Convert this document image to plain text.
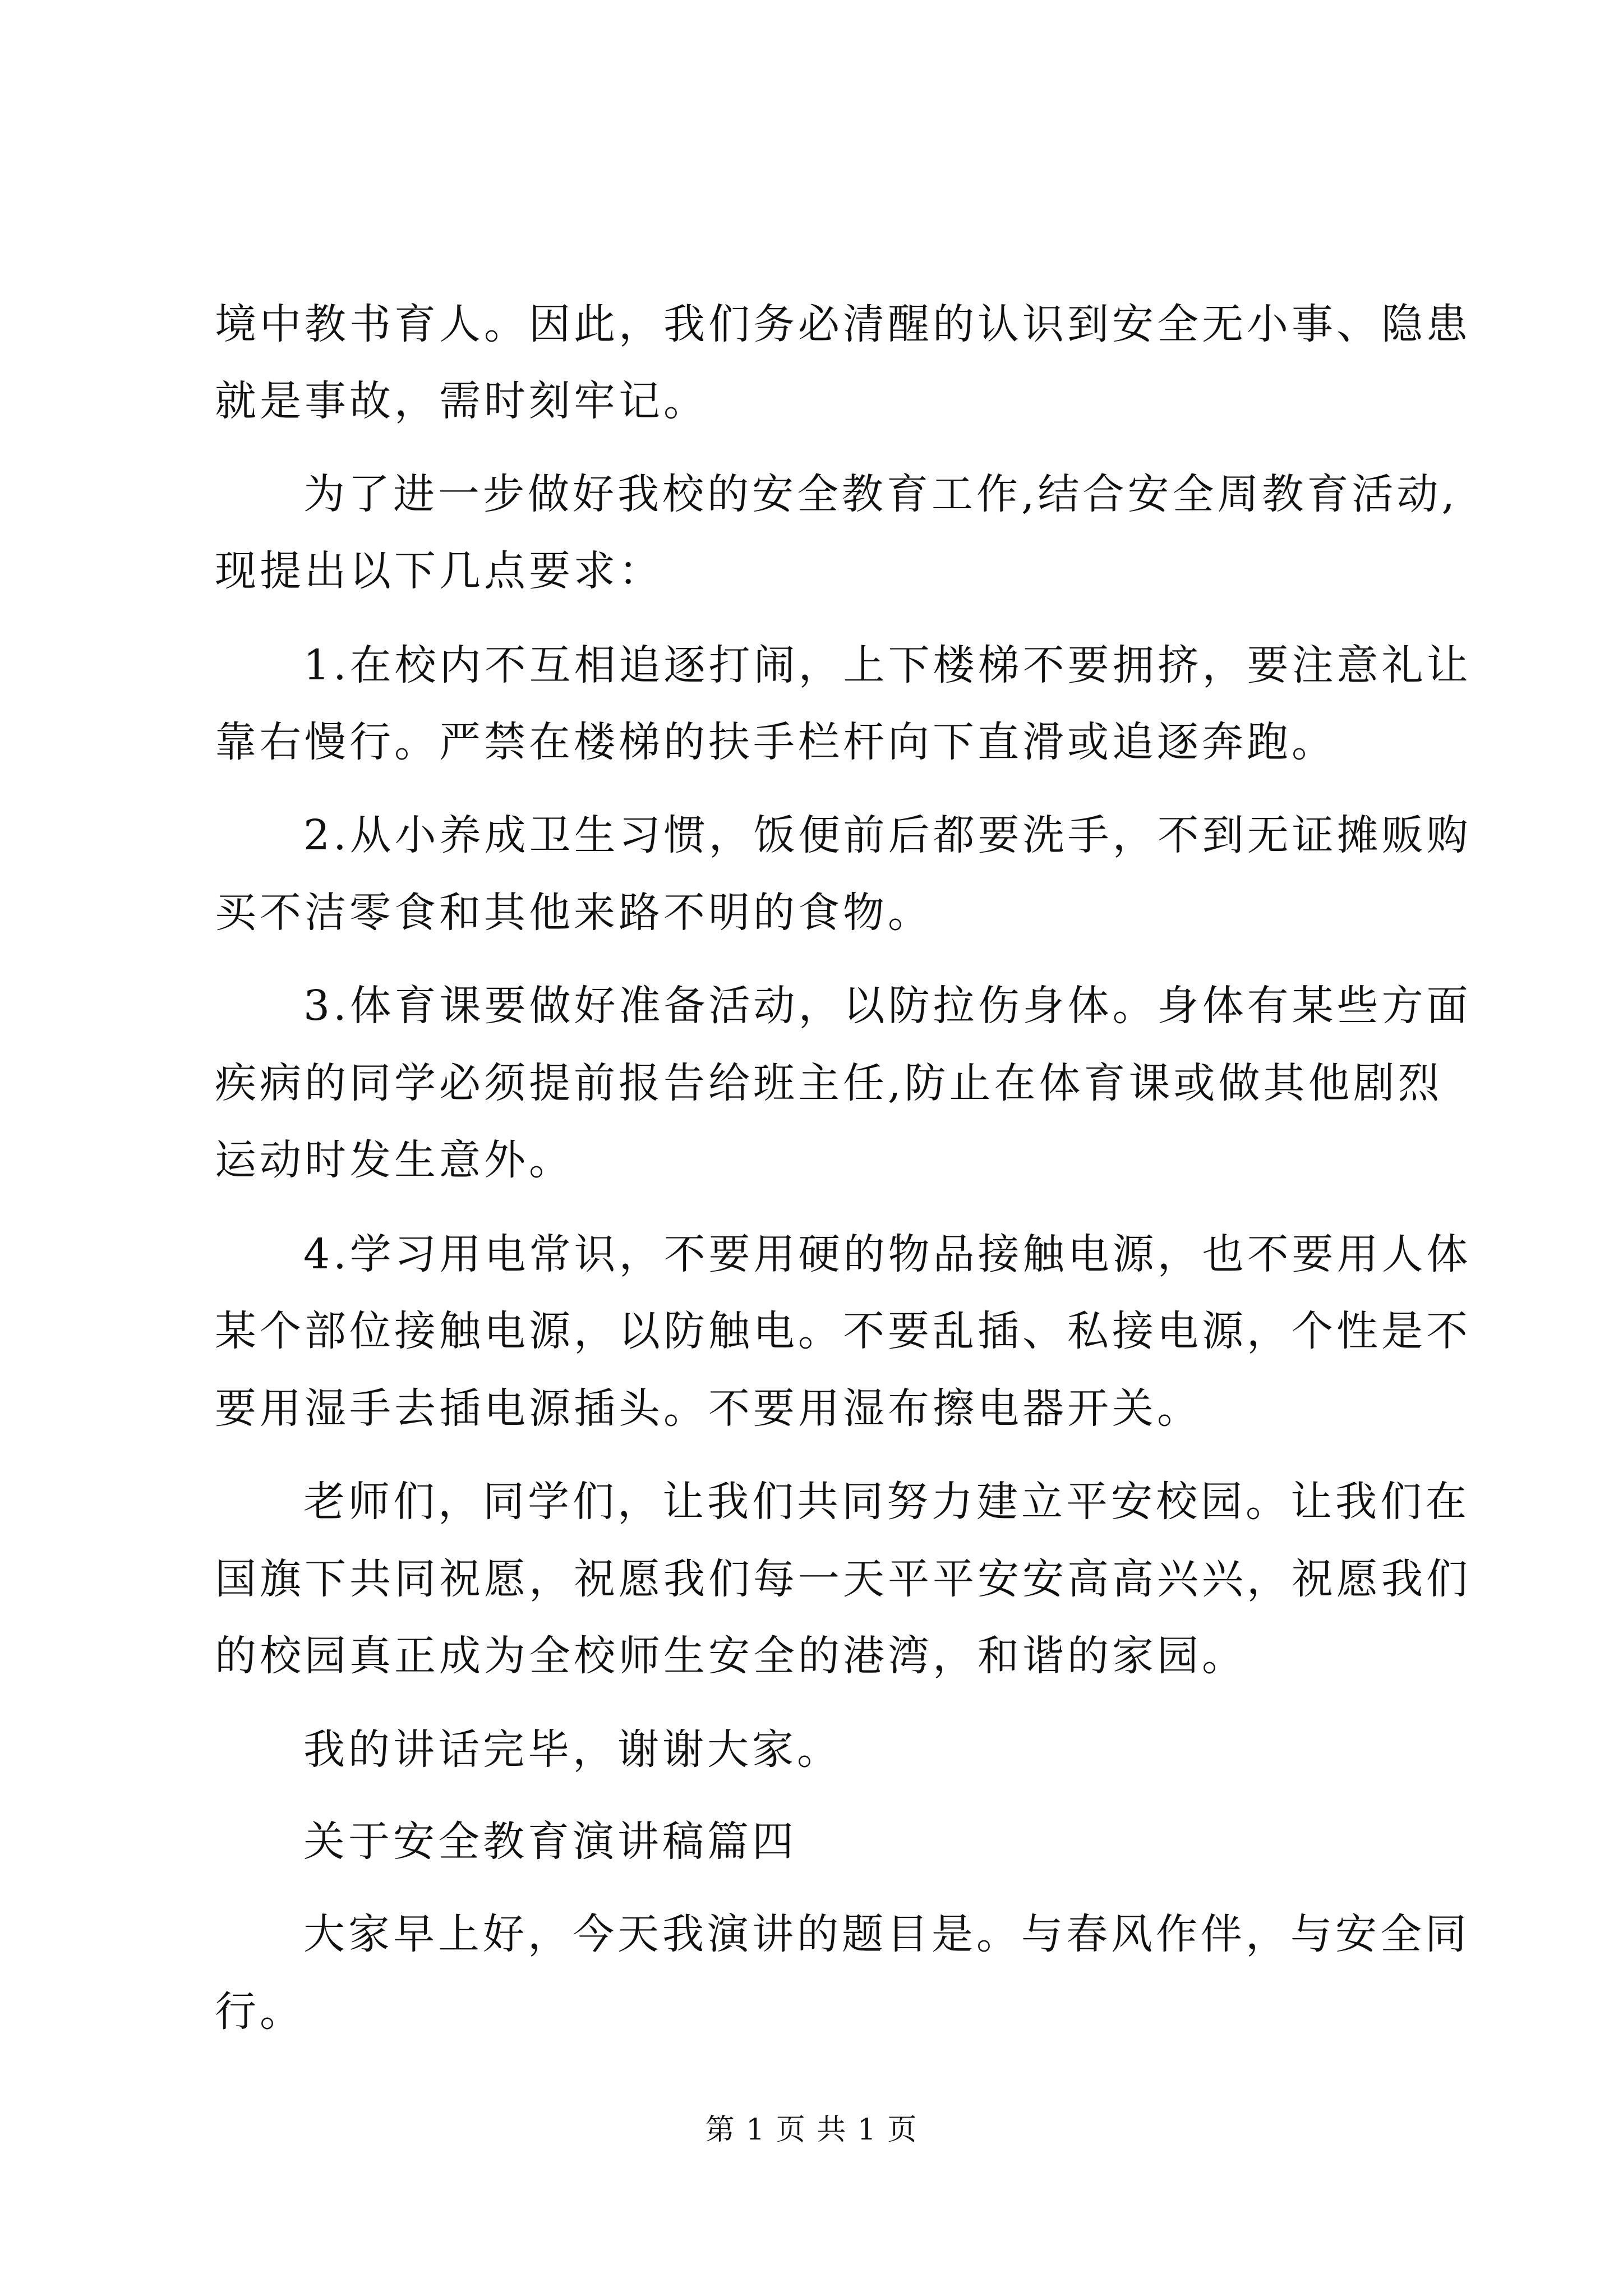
境中教书育人。因此，我们务必清醒的认识到安全无小事、隐患
就是事故，需时刻牢记。
为了进一步做好我校的安全教育工作,结合安全周教育活动,
现提出以下几点要求：
1.在校内不互相追逐打闹，上下楼梯不要拥挤，要注意礼让
靠右慢行。严禁在楼梯的扶手栏杆向下直滑或追逐奔跑。
2.从小养成卫生习惯，饭便前后都要洗手，不到无证摊贩购
买不洁零食和其他来路不明的食物。
3.体育课要做好准备活动，以防拉伤身体。身体有某些方面
疾病的同学必须提前报告给班主任,防止在体育课或做其他剧烈
运动时发生意外。
4.学习用电常识，不要用硬的物品接触电源，也不要用人体
某个部位接触电源，以防触电。不要乱插、私接电源，个性是不
要用湿手去插电源插头。不要用湿布擦电器开关。
老师们，同学们，让我们共同努力建立平安校园。让我们在
国旗下共同祝愿，祝愿我们每一天平平安安高高兴兴，祝愿我们
的校园真正成为全校师生安全的港湾，和谐的家园。
我的讲话完毕，谢谢大家。
关于安全教育演讲稿篇四
大家早上好，今天我演讲的题目是。与春风作伴，与安全同
行。
第 1 页 共 1 页
